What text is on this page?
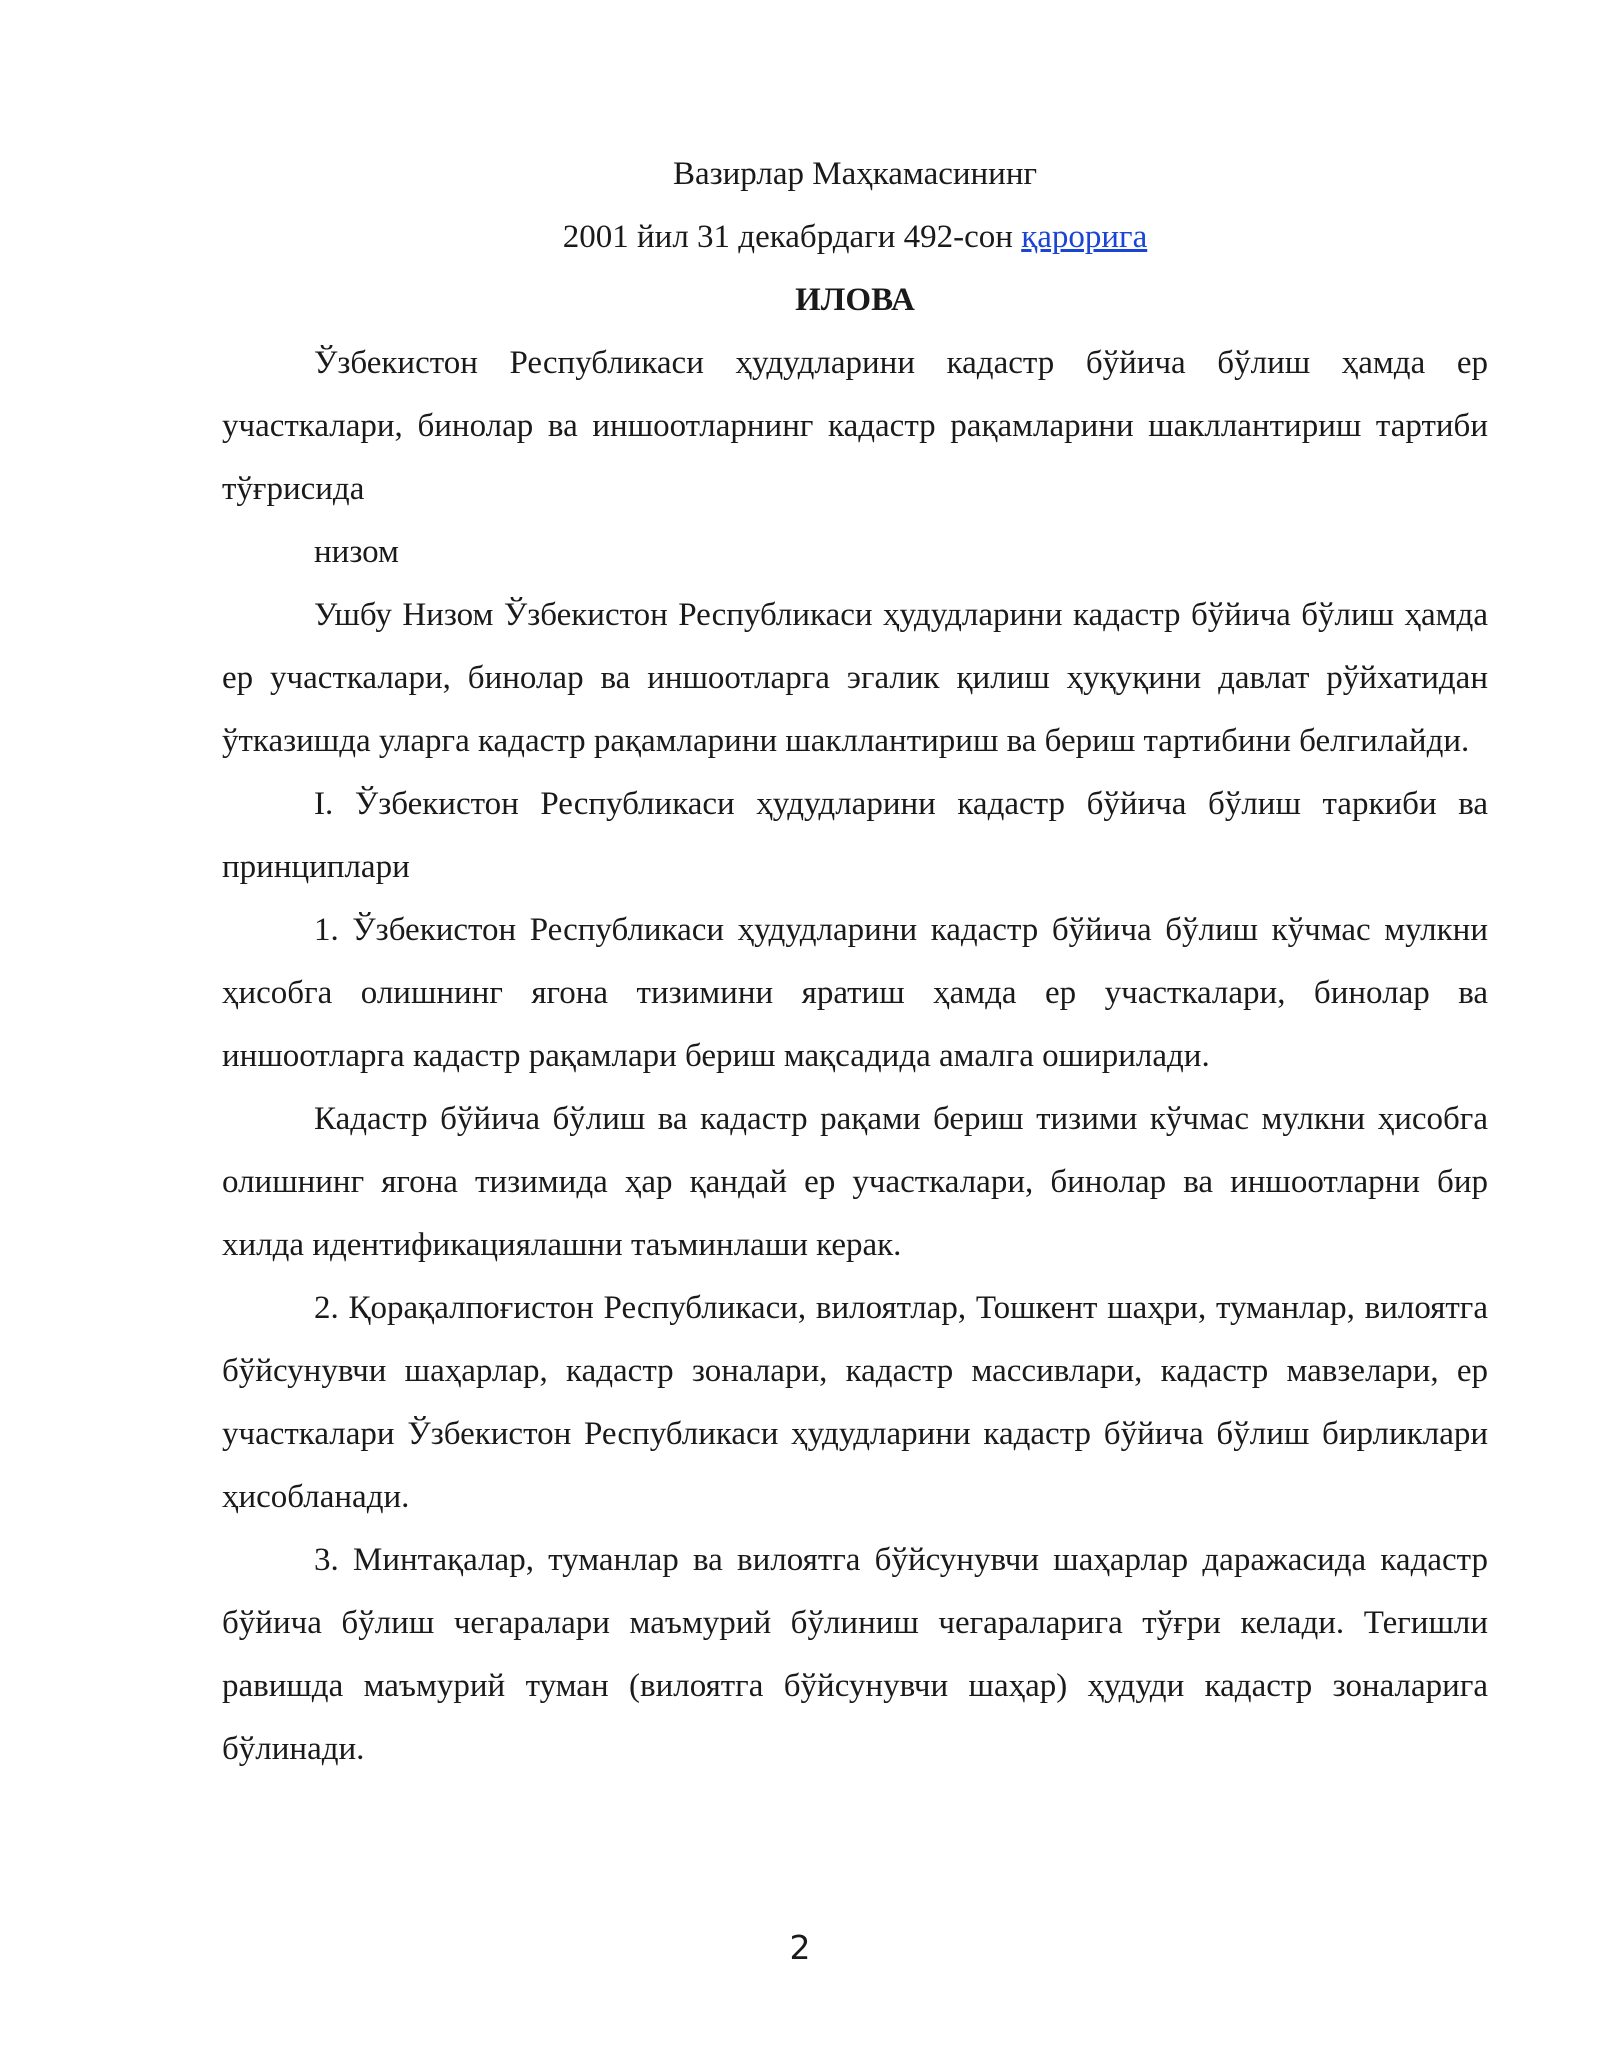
Вазирлар Маҳкамасининг

2001 йил 31 декабрдаги 492-сон қарорига

ИЛОВА

Ўзбекистон Республикаси ҳудудларини кадастр бўйича бўлиш ҳамда ер участкалари, бинолар ва иншоотларнинг кадастр рақамларини шакллантириш тартиби тўғрисида

низом

Ушбу Низом Ўзбекистон Республикаси ҳудудларини кадастр бўйича бўлиш ҳамда ер участкалари, бинолар ва иншоотларга эгалик қилиш ҳуқуқини давлат рўйхатидан ўтказишда уларга кадастр рақамларини шакллантириш ва бериш тартибини белгилайди.

I. Ўзбекистон Республикаси ҳудудларини кадастр бўйича бўлиш таркиби ва принциплари

1. Ўзбекистон Республикаси ҳудудларини кадастр бўйича бўлиш кўчмас мулкни ҳисобга олишнинг ягона тизимини яратиш ҳамда ер участкалари, бинолар ва иншоотларга кадастр рақамлари бериш мақсадида амалга оширилади.

Кадастр бўйича бўлиш ва кадастр рақами бериш тизими кўчмас мулкни ҳисобга олишнинг ягона тизимида ҳар қандай ер участкалари, бинолар ва иншоотларни бир хилда идентификациялашни таъминлаши керак.

2. Қорақалпоғистон Республикаси, вилоятлар, Тошкент шаҳри, туманлар, вилоятга бўйсунувчи шаҳарлар, кадастр зоналари, кадастр массивлари, кадастр мавзелари, ер участкалари Ўзбекистон Республикаси ҳудудларини кадастр бўйича бўлиш бирликлари ҳисобланади.

3. Минтақалар, туманлар ва вилоятга бўйсунувчи шаҳарлар даражасида кадастр бўйича бўлиш чегаралари маъмурий бўлиниш чегараларига тўғри келади. Тегишли равишда маъмурий туман (вилоятга бўйсунувчи шаҳар) ҳудуди кадастр зоналарига бўлинади.

2
